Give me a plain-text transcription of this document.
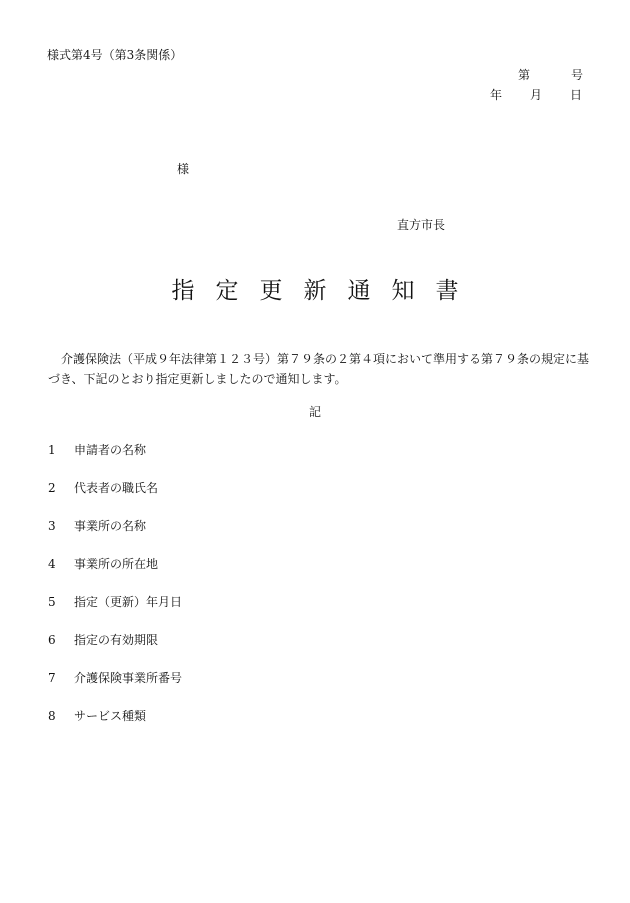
様式第4号（第3条関係）
第	号
年 月 日
様
直方市長
指定更新通知書
介護保険法（平成９年法律第１２３号）第７９条の２第４項において準用する第７９条の規定に基づき、下記のとおり指定更新しましたので通知します。
記
1 申請者の名称
2 代表者の職氏名
3 事業所の名称
4 事業所の所在地
5 指定（更新）年月日
6 指定の有効期限
7 介護保険事業所番号
8 サービス種類
